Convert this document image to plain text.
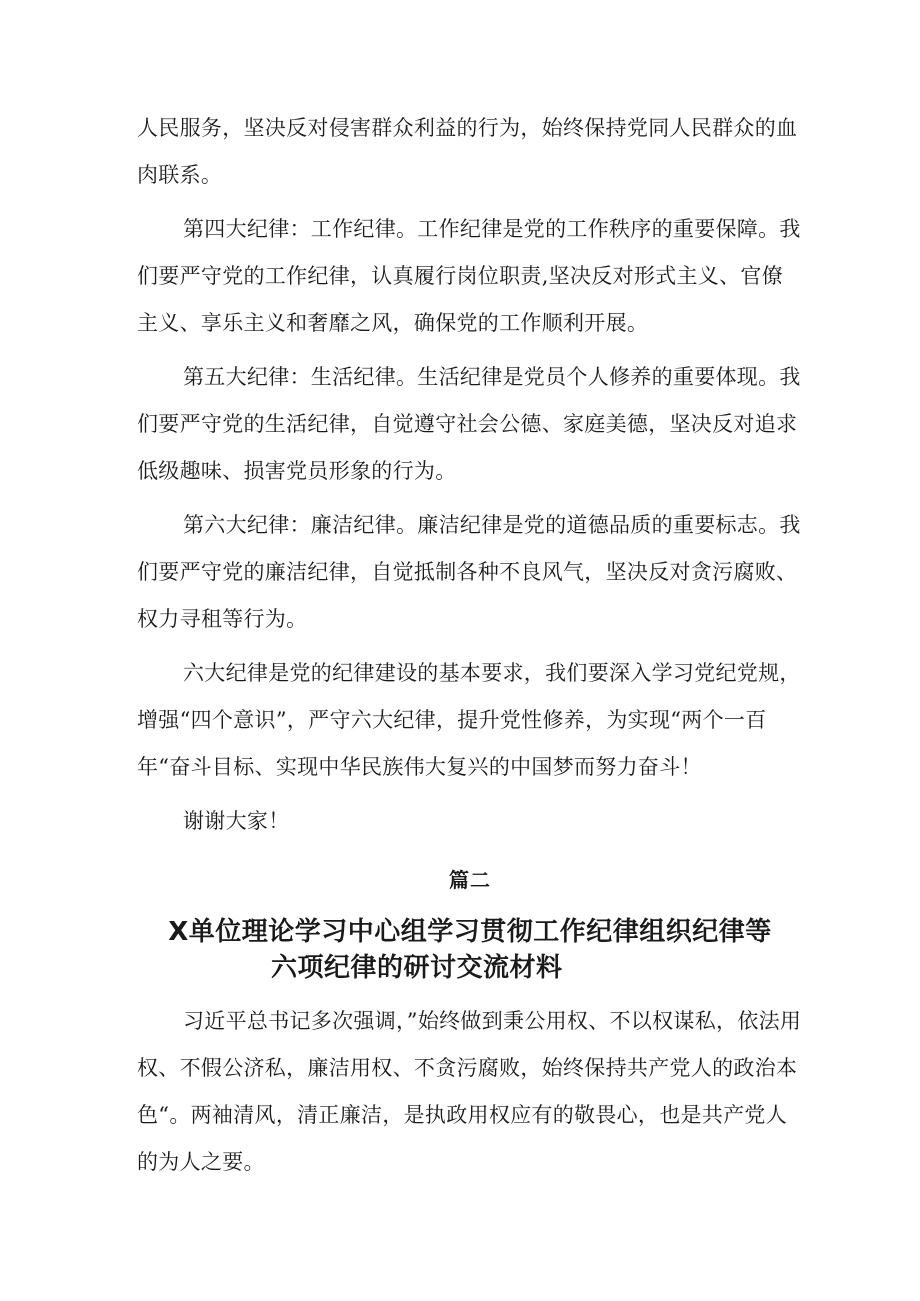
人民服务，坚决反对侵害群众利益的行为，始终保持党同人民群众的血肉联系。

第四大纪律：工作纪律。工作纪律是党的工作秩序的重要保障。我们要严守党的工作纪律，认真履行岗位职责,坚决反对形式主义、官僚主义、享乐主义和奢靡之风，确保党的工作顺利开展。

第五大纪律：生活纪律。生活纪律是党员个人修养的重要体现。我们要严守党的生活纪律，自觉遵守社会公德、家庭美德，坚决反对追求低级趣味、损害党员形象的行为。

第六大纪律：廉洁纪律。廉洁纪律是党的道德品质的重要标志。我们要严守党的廉洁纪律，自觉抵制各种不良风气，坚决反对贪污腐败、权力寻租等行为。

六大纪律是党的纪律建设的基本要求，我们要深入学习党纪党规，增强“四个意识”，严守六大纪律，提升党性修养，为实现“两个一百年“奋斗目标、实现中华民族伟大复兴的中国梦而努力奋斗！

谢谢大家！

篇二
X单位理论学习中心组学习贯彻工作纪律组织纪律等
六项纪律的研讨交流材料

习近平总书记多次强调，”始终做到秉公用权、不以权谋私，依法用权、不假公济私，廉洁用权、不贪污腐败，始终保持共产党人的政治本色“。两袖清风，清正廉洁，是执政用权应有的敬畏心，也是共产党人的为人之要。
